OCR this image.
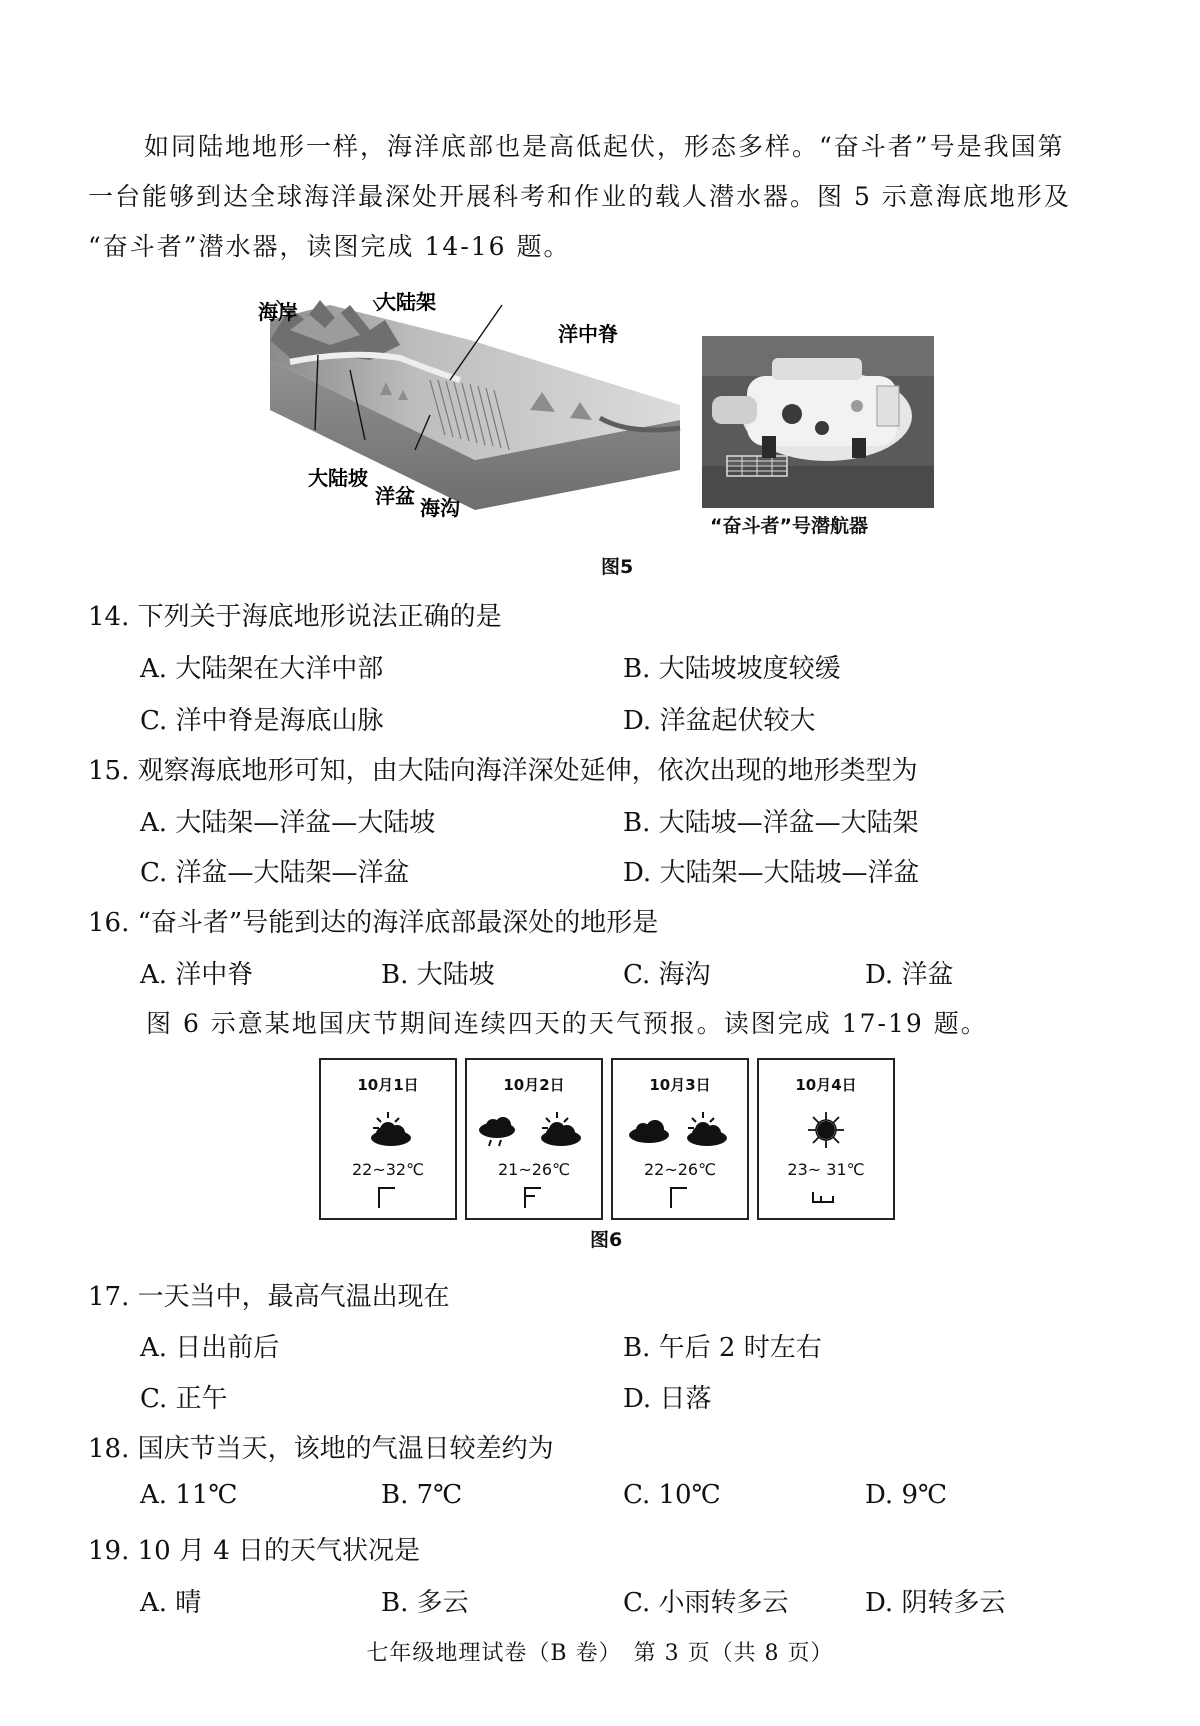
如同陆地地形一样，海洋底部也是高低起伏，形态多样。“奋斗者”号是我国第
一台能够到达全球海洋最深处开展科考和作业的载人潜水器。图 5 示意海底地形及
“奋斗者”潜水器，读图完成 14-16 题。
海岸	大陆架
洋中脊
大陆坡
洋盆 海沟
“奋斗者”号潜航器
图5
14. 下列关于海底地形说法正确的是
A. 大陆架在大洋中部	B. 大陆坡坡度较缓
C. 洋中脊是海底山脉	D. 洋盆起伏较大
15. 观察海底地形可知，由大陆向海洋深处延伸，依次出现的地形类型为
A. 大陆架—洋盆—大陆坡	B. 大陆坡—洋盆—大陆架
C. 洋盆—大陆架—洋盆	D. 大陆架—大陆坡—洋盆
16. “奋斗者”号能到达的海洋底部最深处的地形是
A. 洋中脊	B. 大陆坡	C. 海沟	D. 洋盆
图 6 示意某地国庆节期间连续四天的天气预报。读图完成 17-19 题。
10月1日
22~32℃
10月2日
21~26℃
10月3日
22~26℃
10月4日
23~ 31℃
图6
17. 一天当中，最高气温出现在
A. 日出前后	B. 午后 2 时左右
C. 正午	D. 日落
18. 国庆节当天，该地的气温日较差约为
A. 11℃	B. 7℃	C. 10℃	D. 9℃
19. 10 月 4 日的天气状况是
A. 晴	B. 多云	C. 小雨转多云	D. 阴转多云
七年级地理试卷（B 卷）　第 3 页（共 8 页）
